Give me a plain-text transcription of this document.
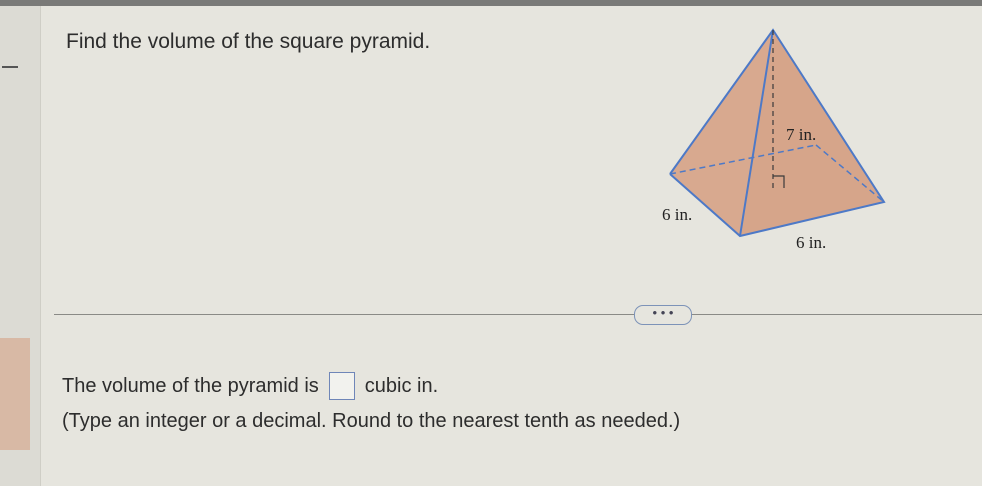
Find the volume of the square pyramid.
7 in.
6 in.
6 in.
• • •
The volume of the pyramid is cubic in.
(Type an integer or a decimal. Round to the nearest tenth as needed.)
